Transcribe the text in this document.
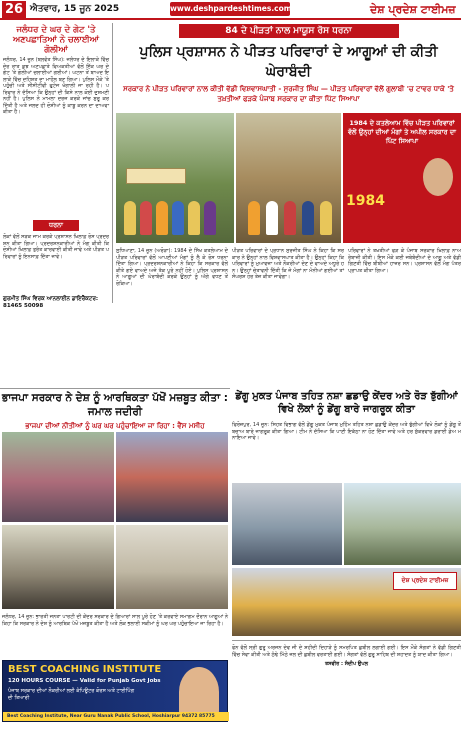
26 ਐਤਵਾਰ, 15 ਜੂਨ 2025	www.deshpardeshtimes.com	ਦੇਸ਼ ਪ੍ਰਦੇਸ਼ ਟਾਈਮਜ਼
ਜਲੰਧਰ ਦੇ ਘਰ ਦੇ ਗੇਟ 'ਤੇ ਅਣਪਛਾਤਿਆਂ ਨੇ ਚਲਾਈਆਂ ਗੋਲੀਆਂ
ਜਲੰਧਰ, 14 ਜੂਨ (ਬਲਵੰਤ ਸਿੰਘ): ਜਲੰਧਰ ਦੇ ਇਲਾਕੇ ਵਿੱਚ ਦੇਰ ਰਾਤ ਕੁਝ ਅਣਪਛਾਤੇ ਵਿਅਕਤੀਆਂ ਵੱਲੋਂ ਇੱਕ ਘਰ ਦੇ ਗੇਟ 'ਤੇ ਗੋਲੀਆਂ ਚਲਾਈਆਂ ਗਈਆਂ। ਘਟਨਾ ਤੋਂ ਬਾਅਦ ਇਲਾਕੇ ਵਿੱਚ ਦਹਿਸ਼ਤ ਦਾ ਮਾਹੌਲ ਬਣ ਗਿਆ। ਪੁਲਿਸ ਮੌਕੇ 'ਤੇ ਪਹੁੰਚੀ ਅਤੇ ਸੀਸੀਟੀਵੀ ਫੁਟੇਜ ਖੰਗਾਲੀ ਜਾ ਰਹੀ ਹੈ। ਪਰਿਵਾਰ ਨੇ ਦੱਸਿਆ ਕਿ ਉਨ੍ਹਾਂ ਦੀ ਕਿਸੇ ਨਾਲ ਕੋਈ ਦੁਸ਼ਮਣੀ ਨਹੀਂ ਹੈ। ਪੁਲਿਸ ਨੇ ਮਾਮਲਾ ਦਰਜ ਕਰਕੇ ਜਾਂਚ ਸ਼ੁਰੂ ਕਰ ਦਿੱਤੀ ਹੈ ਅਤੇ ਜਲਦ ਹੀ ਦੋਸ਼ੀਆਂ ਨੂੰ ਕਾਬੂ ਕਰਨ ਦਾ ਦਾਅਵਾ ਕੀਤਾ ਹੈ।
ਧਰਨਾ
ਲੋਕਾਂ ਵੱਲੋਂ ਸੜਕ ਜਾਮ ਕਰਕੇ ਪ੍ਰਸ਼ਾਸਨ ਖ਼ਿਲਾਫ਼ ਰੋਸ ਪ੍ਰਦਰਸ਼ਨ ਕੀਤਾ ਗਿਆ। ਪ੍ਰਦਰਸ਼ਨਕਾਰੀਆਂ ਨੇ ਮੰਗ ਕੀਤੀ ਕਿ ਦੋਸ਼ੀਆਂ ਖ਼ਿਲਾਫ਼ ਤੁਰੰਤ ਕਾਰਵਾਈ ਕੀਤੀ ਜਾਵੇ ਅਤੇ ਪੀੜਤ ਪਰਿਵਾਰਾਂ ਨੂੰ ਇਨਸਾਫ਼ ਦਿੱਤਾ ਜਾਵੇ।
ਗੁਰਮੀਤ ਸਿੰਘ ਵਿਰਕ ਆਨਲਾਈਨ ਡਾਇਰੈਕਟਰ: 81465 50098
84 ਦੇ ਪੀੜਤਾਂ ਨਾਲ ਮਾਯੂਸ ਰੋਸ ਧਰਨਾ
ਪੁਲਿਸ ਪ੍ਰਸ਼ਾਸਨ ਨੇ ਪੀੜਤ ਪਰਿਵਾਰਾਂ ਦੇ ਆਗੂਆਂ ਦੀ ਕੀਤੀ ਘੇਰਾਬੰਦੀ
ਸਰਕਾਰ ਨੇ ਪੀੜਤ ਪਰਿਵਾਰਾਂ ਨਾਲ ਕੀਤੀ ਵੱਡੀ ਵਿਸ਼ਵਾਸਘਾਤੀ - ਸੁਰਜੀਤ ਸਿੰਘ — ਪੀੜਤ ਪਰਿਵਾਰਾਂ ਵੱਲੋਂ ਗੁਲਾਬੀ 'ਚ ਟਾਵਰ ਧਾਕੇ 'ਤੇ ਤਖ਼ਤੀਆਂ ਫੜਕੇ ਪੰਜਾਬ ਸਰਕਾਰ ਦਾ ਕੀਤਾ ਪਿੱਟ ਸਿਆਪਾ
1984 ਦੇ ਕਤਲੇਆਮ ਵਿੱਚ ਪੀੜਤ ਪਰਿਵਾਰਾਂ ਵੱਲੋਂ ਉਨ੍ਹਾਂ ਦੀਆਂ ਮੰਗਾਂ ਤੇ ਅਪੀਲ ਸਰਕਾਰ ਦਾ ਪਿੱਟ ਸਿਆਪਾ
1984
ਲੁਧਿਆਣਾ, 14 ਜੂਨ (ਅਰੋੜਾ): 1984 ਦੇ ਸਿੱਖ ਕਤਲੇਆਮ ਦੇ ਪੀੜਤ ਪਰਿਵਾਰਾਂ ਵੱਲੋਂ ਆਪਣੀਆਂ ਮੰਗਾਂ ਨੂੰ ਲੈ ਕੇ ਰੋਸ ਧਰਨਾ ਦਿੱਤਾ ਗਿਆ। ਪ੍ਰਦਰਸ਼ਨਕਾਰੀਆਂ ਨੇ ਕਿਹਾ ਕਿ ਸਰਕਾਰ ਵੱਲੋਂ ਕੀਤੇ ਗਏ ਵਾਅਦੇ ਅਜੇ ਤੱਕ ਪੂਰੇ ਨਹੀਂ ਹੋਏ। ਪੁਲਿਸ ਪ੍ਰਸ਼ਾਸਨ ਨੇ ਆਗੂਆਂ ਦੀ ਘੇਰਾਬੰਦੀ ਕਰਕੇ ਉਨ੍ਹਾਂ ਨੂੰ ਅੱਗੇ ਵਧਣ ਤੋਂ ਰੋਕਿਆ।
ਪੀੜਤ ਪਰਿਵਾਰਾਂ ਦੇ ਪ੍ਰਧਾਨ ਸੁਰਜੀਤ ਸਿੰਘ ਨੇ ਕਿਹਾ ਕਿ ਸਰਕਾਰ ਨੇ ਉਨ੍ਹਾਂ ਨਾਲ ਵਿਸ਼ਵਾਸਘਾਤ ਕੀਤਾ ਹੈ। ਉਨ੍ਹਾਂ ਕਿਹਾ ਕਿ ਪਰਿਵਾਰਾਂ ਨੂੰ ਮੁਆਵਜ਼ਾ ਅਤੇ ਨੌਕਰੀਆਂ ਦੇਣ ਦੇ ਵਾਅਦੇ ਅਧੂਰੇ ਹਨ। ਉਨ੍ਹਾਂ ਚੇਤਾਵਨੀ ਦਿੱਤੀ ਕਿ ਜੇ ਮੰਗਾਂ ਨਾ ਮੰਨੀਆਂ ਗਈਆਂ ਤਾਂ ਸੰਘਰਸ਼ ਹੋਰ ਤੇਜ਼ ਕੀਤਾ ਜਾਵੇਗਾ।
ਪਰਿਵਾਰਾਂ ਨੇ ਤਖ਼ਤੀਆਂ ਫੜ ਕੇ ਪੰਜਾਬ ਸਰਕਾਰ ਖ਼ਿਲਾਫ਼ ਨਾਅਰੇਬਾਜ਼ੀ ਕੀਤੀ। ਇਸ ਮੌਕੇ ਕਈ ਜਥੇਬੰਦੀਆਂ ਦੇ ਆਗੂ ਅਤੇ ਵੱਡੀ ਗਿਣਤੀ ਵਿੱਚ ਬੀਬੀਆਂ ਹਾਜ਼ਰ ਸਨ। ਪ੍ਰਸ਼ਾਸਨ ਵੱਲੋਂ ਮੰਗ ਪੱਤਰ ਪ੍ਰਾਪਤ ਕੀਤਾ ਗਿਆ।
ਭਾਜਪਾ ਸਰਕਾਰ ਨੇ ਦੇਸ਼ ਨੂੰ ਆਰਥਿਕਤਾ ਪੱਖੋਂ ਮਜ਼ਬੂਤ ਕੀਤਾ : ਜਮਾਲ ਜਦੀਰੀ
ਭਾਜਪਾ ਦੀਆਂ ਨੀਤੀਆਂ ਨੂੰ ਘਰ ਘਰ ਪਹੁੰਚਾਇਆ ਜਾ ਰਿਹਾ : ਵੈਂਸ ਮਸੀਹ
ਜਲੰਧਰ, 14 ਜੂਨ: ਭਾਰਤੀ ਜਨਤਾ ਪਾਰਟੀ ਦੀ ਕੇਂਦਰ ਸਰਕਾਰ ਦੇ ਗਿਆਰਾਂ ਸਾਲ ਪੂਰੇ ਹੋਣ 'ਤੇ ਕਰਵਾਏ ਸਮਾਗਮ ਦੌਰਾਨ ਆਗੂਆਂ ਨੇ ਕਿਹਾ ਕਿ ਸਰਕਾਰ ਨੇ ਦੇਸ਼ ਨੂੰ ਆਰਥਿਕ ਪੱਖੋਂ ਮਜ਼ਬੂਤ ਕੀਤਾ ਹੈ ਅਤੇ ਲੋਕ ਭਲਾਈ ਸਕੀਮਾਂ ਨੂੰ ਘਰ ਘਰ ਪਹੁੰਚਾਇਆ ਜਾ ਰਿਹਾ ਹੈ।
ਡੇਂਗੂ ਮੁਕਤ ਪੰਜਾਬ ਤਹਿਤ ਨਸ਼ਾ ਛਡਾਉ ਕੇਂਦਰ ਅਤੇ ਰੋੜ ਝੁੱਗੀਆਂ ਵਿਖੇ ਲੋਕਾਂ ਨੂੰ ਡੇਂਗੂ ਬਾਰੇ ਜਾਗਰੂਕ ਕੀਤਾ
ਫਿਰੋਜ਼ਪੁਰ, 14 ਜੂਨ: ਸਿਹਤ ਵਿਭਾਗ ਵੱਲੋਂ ਡੇਂਗੂ ਮੁਕਤ ਪੰਜਾਬ ਮੁਹਿੰਮ ਤਹਿਤ ਨਸ਼ਾ ਛਡਾਉ ਕੇਂਦਰ ਅਤੇ ਝੁੱਗੀਆਂ ਵਿਖੇ ਲੋਕਾਂ ਨੂੰ ਡੇਂਗੂ ਤੋਂ ਬਚਾਅ ਬਾਰੇ ਜਾਗਰੂਕ ਕੀਤਾ ਗਿਆ। ਟੀਮ ਨੇ ਦੱਸਿਆ ਕਿ ਪਾਣੀ ਇਕੱਠਾ ਨਾ ਹੋਣ ਦਿੱਤਾ ਜਾਵੇ ਅਤੇ ਹਰ ਸ਼ੁੱਕਰਵਾਰ ਡਰਾਈ ਡੇਅ ਮਨਾਇਆ ਜਾਵੇ।
ਦੇਸ਼ ਪ੍ਰਦੇਸ਼ ਟਾਈਮਜ਼
BEST COACHING INSTITUTE
120 HOURS COURSE — Valid for Punjab Govt Jobs
ਪੰਜਾਬ ਸਰਕਾਰ ਦੀਆਂ ਨੌਕਰੀਆਂ ਲਈ ਕੰਪਿਊਟਰ ਕੋਰਸ ਅਤੇ ਟਾਈਪਿੰਗ ਦੀ ਤਿਆਰੀ
Best Coaching Institute, Near Guru Nanak Public School, Hoshiarpur 94372 85775
ਫੋਨ ਵੱਲੋਂ ਸ੍ਰੀ ਗੁਰੂ ਅਰਜਨ ਦੇਵ ਜੀ ਦੇ ਸ਼ਹੀਦੀ ਦਿਹਾੜੇ ਨੂੰ ਸਮਰਪਿਤ ਛਬੀਲ ਲਗਾਈ ਗਈ। ਇਸ ਮੌਕੇ ਸੰਗਤਾਂ ਨੇ ਵੱਡੀ ਗਿਣਤੀ ਵਿੱਚ ਸੇਵਾ ਕੀਤੀ ਅਤੇ ਠੰਢੇ ਮਿੱਠੇ ਜਲ ਦੀ ਛਬੀਲ ਵਰਤਾਈ ਗਈ। ਸੰਗਤਾਂ ਵੱਲੋਂ ਗੁਰੂ ਸਾਹਿਬ ਦੀ ਸ਼ਹਾਦਤ ਨੂੰ ਯਾਦ ਕੀਤਾ ਗਿਆ।
ਤਸਵੀਰ : ਸੰਦੀਪ ਉਪਲ
